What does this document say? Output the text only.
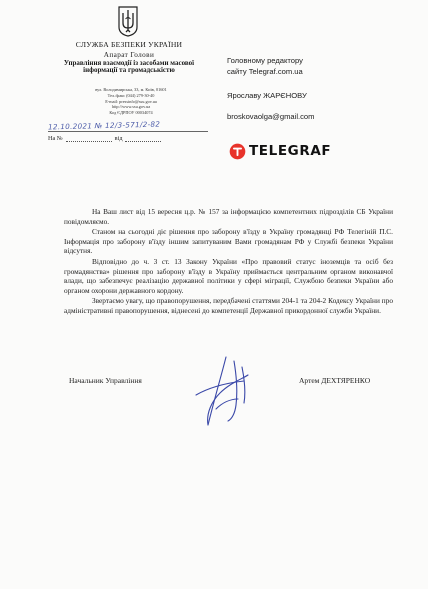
СЛУЖБА БЕЗПЕКИ УКРАЇНИ
Апарат Голови
Управління взаємодії із засобами масової інформації та громадськістю
вул. Володимирська, 33, м. Київ, 01601
Тел./факс (044) 279-30-40
E-mail: pressinfo@ssu.gov.ua
http://www.ssu.gov.ua
Код ЄДРПОУ 00034074
12.10.2021 № 12/3-571/2-82
На №	від
Головному редактору
сайту Telegraf.com.ua
Ярославу ЖАРЄНОВУ
broskovaolga@gmail.com
TELEGRAF

На Ваш лист від 15 вересня ц.р. № 157 за інформацією компетентних підрозділів СБ України повідомляємо.

Станом на сьогодні діє рішення про заборону в'їзду в Україну громадянці РФ Телегіній П.С. Інформація про заборону в'їзду іншим запитуваним Вами громадянам РФ у Службі безпеки України відсутня.

Відповідно до ч. 3 ст. 13 Закону України «Про правовий статус іноземців та осіб без громадянства» рішення про заборону в'їзду в Україну приймається центральним органом виконавчої влади, що забезпечує реалізацію державної політики у сфері міграції, Службою безпеки України або органом охорони державного кордону.

Звертаємо увагу, що правопорушення, передбачені статтями 204-1 та 204-2 Кодексу України про адміністративні правопорушення, віднесені до компетенції Державної прикордонної служби України.

Начальник Управління	Артем ДЕХТЯРЕНКО
